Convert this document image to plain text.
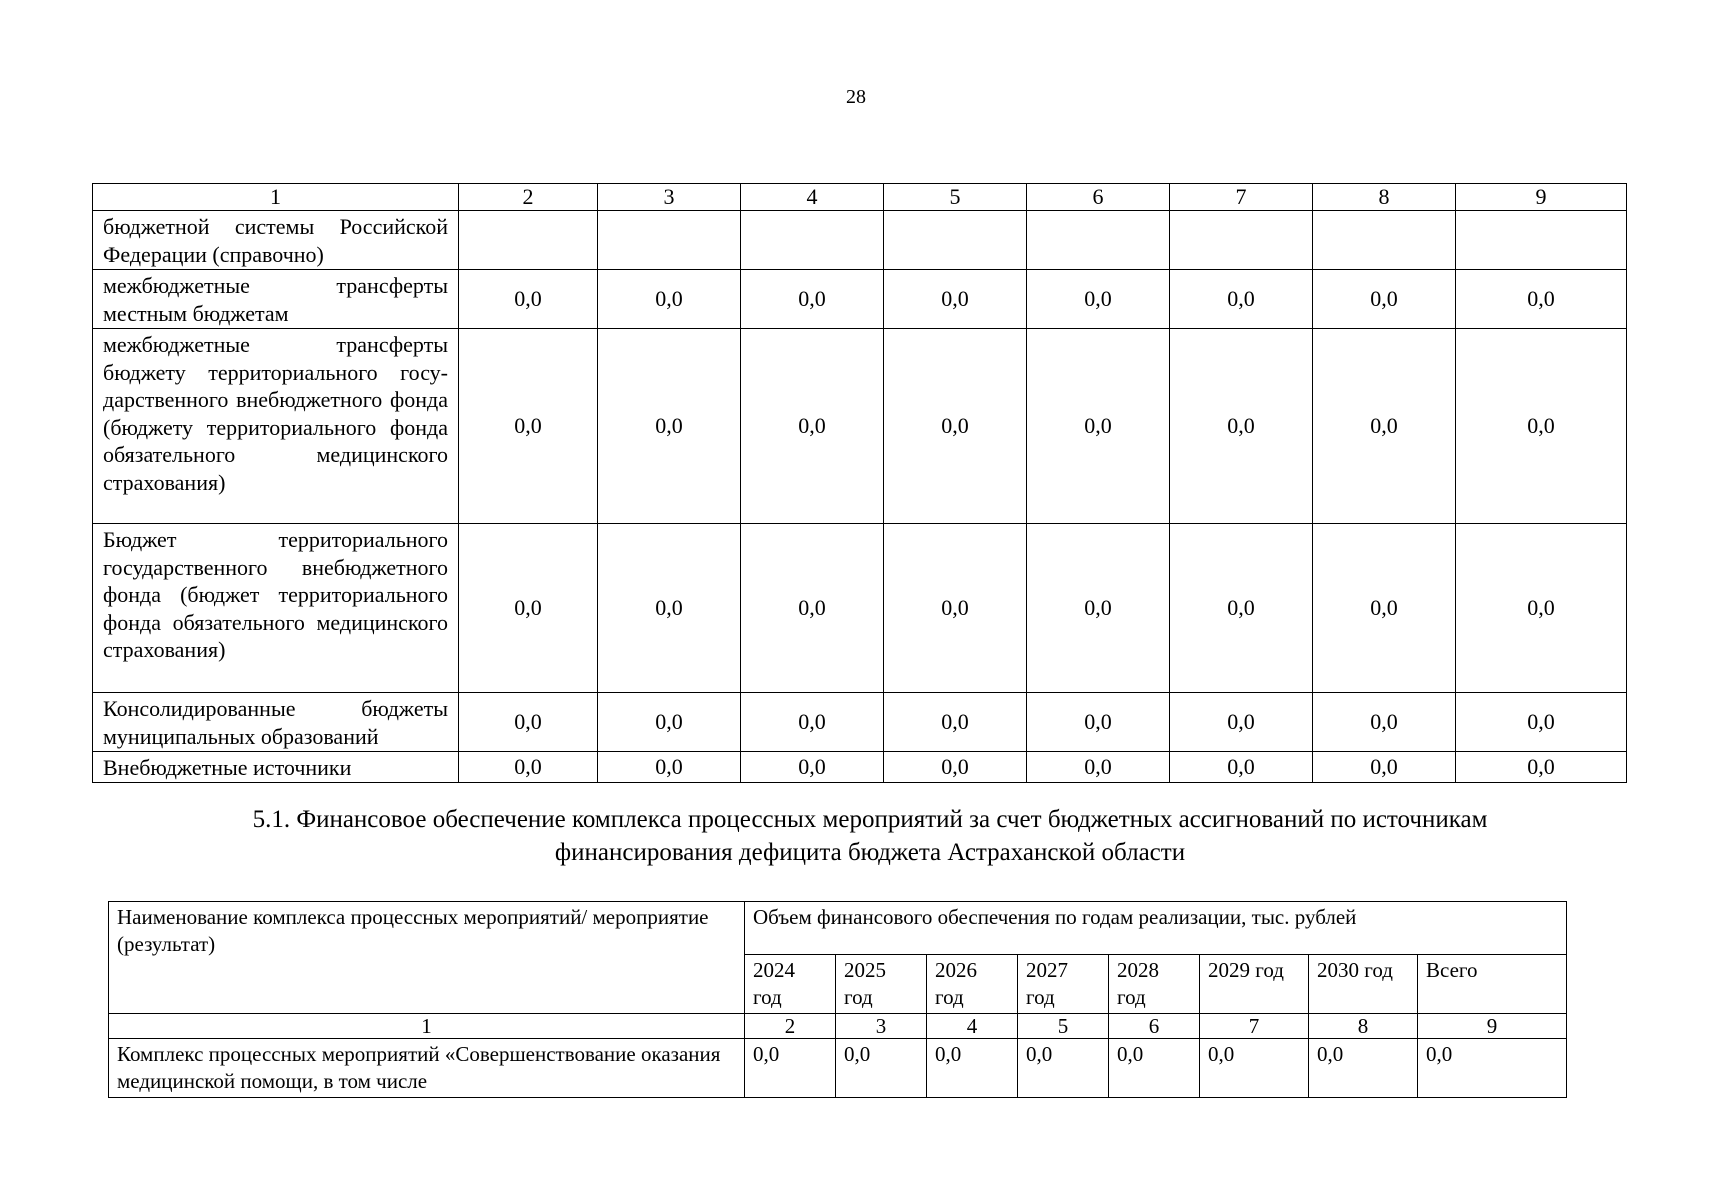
28
1	2	3	4	5	6	7	8	9
бюджетной системы Российской Федерации (справочно)								
межбюджетные трансферты местным бюджетам	0,0	0,0	0,0	0,0	0,0	0,0	0,0	0,0
межбюджетные трансферты бюджету территориального госу-дарственного внебюджетного фонда (бюджету территориального фонда обязательного медицинского страхования)	0,0	0,0	0,0	0,0	0,0	0,0	0,0	0,0
Бюджет территориального государственного внебюджетного фонда (бюджет территориального фонда обязательного медицинского страхования)	0,0	0,0	0,0	0,0	0,0	0,0	0,0	0,0
Консолидированные бюджеты муниципальных образований	0,0	0,0	0,0	0,0	0,0	0,0	0,0	0,0
Внебюджетные источники	0,0	0,0	0,0	0,0	0,0	0,0	0,0	0,0
5.1. Финансовое обеспечение комплекса процессных мероприятий за счет бюджетных ассигнований по источникам
финансирования дефицита бюджета Астраханской области
Наименование комплекса процессных мероприятий/ мероприятие (результат)	Объем финансового обеспечения по годам реализации, тыс. рублей							
	2024 год	2025 год	2026 год	2027 год	2028 год	2029 год	2030 год	Всего
1	2	3	4	5	6	7	8	9
Комплекс процессных мероприятий «Совершенствование оказания медицинской помощи, в том числе	0,0	0,0	0,0	0,0	0,0	0,0	0,0	0,0
